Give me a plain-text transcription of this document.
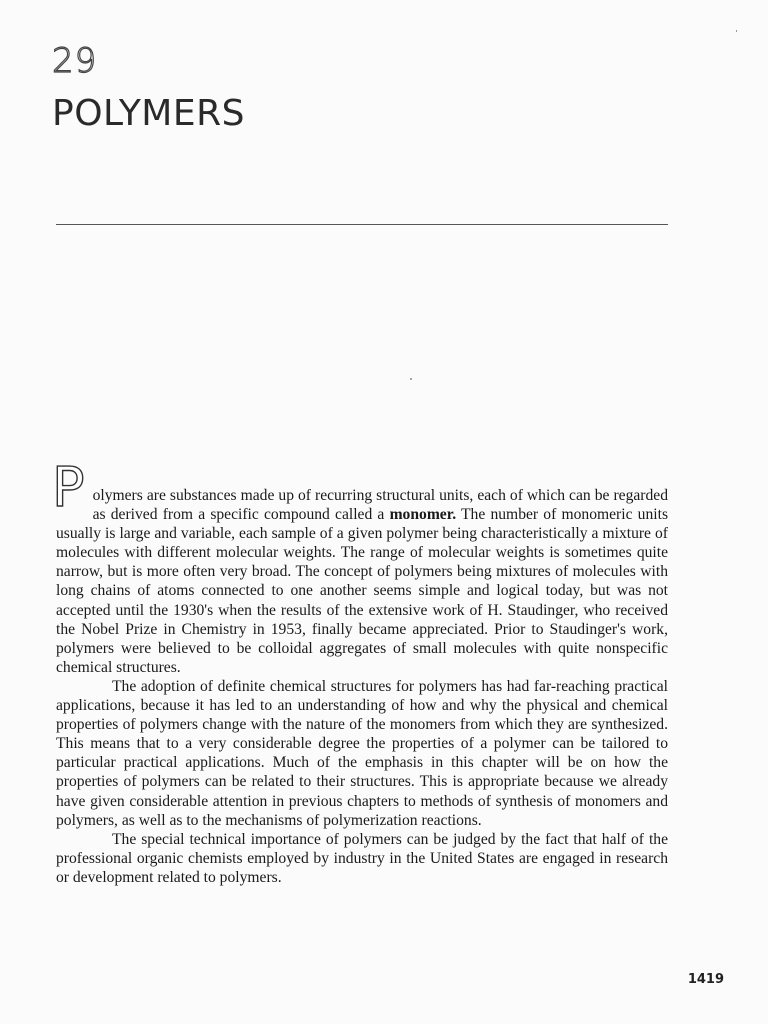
29
POLYMERS

Polymers are substances made up of recurring structural units, each of which can be regarded as derived from a specific compound called a monomer. The number of monomeric units usually is large and variable, each sample of a given polymer being characteristically a mixture of molecules with different molecular weights. The range of molecular weights is sometimes quite narrow, but is more often very broad. The concept of polymers being mixtures of molecules with long chains of atoms connected to one another seems simple and logical today, but was not accepted until the 1930's when the results of the extensive work of H. Staudinger, who received the Nobel Prize in Chemistry in 1953, finally became appreciated. Prior to Staudinger's work, polymers were believed to be colloidal aggregates of small molecules with quite nonspecific chemical structures.

The adoption of definite chemical structures for polymers has had far-reaching practical applications, because it has led to an understanding of how and why the physical and chemical properties of polymers change with the nature of the monomers from which they are synthesized. This means that to a very considerable degree the properties of a polymer can be tailored to particular practical applications. Much of the emphasis in this chapter will be on how the properties of polymers can be related to their structures. This is appropriate because we already have given considerable attention in previous chapters to methods of synthesis of monomers and polymers, as well as to the mechanisms of polymerization reactions.

The special technical importance of polymers can be judged by the fact that half of the professional organic chemists employed by industry in the United States are engaged in research or development related to polymers.

1419
